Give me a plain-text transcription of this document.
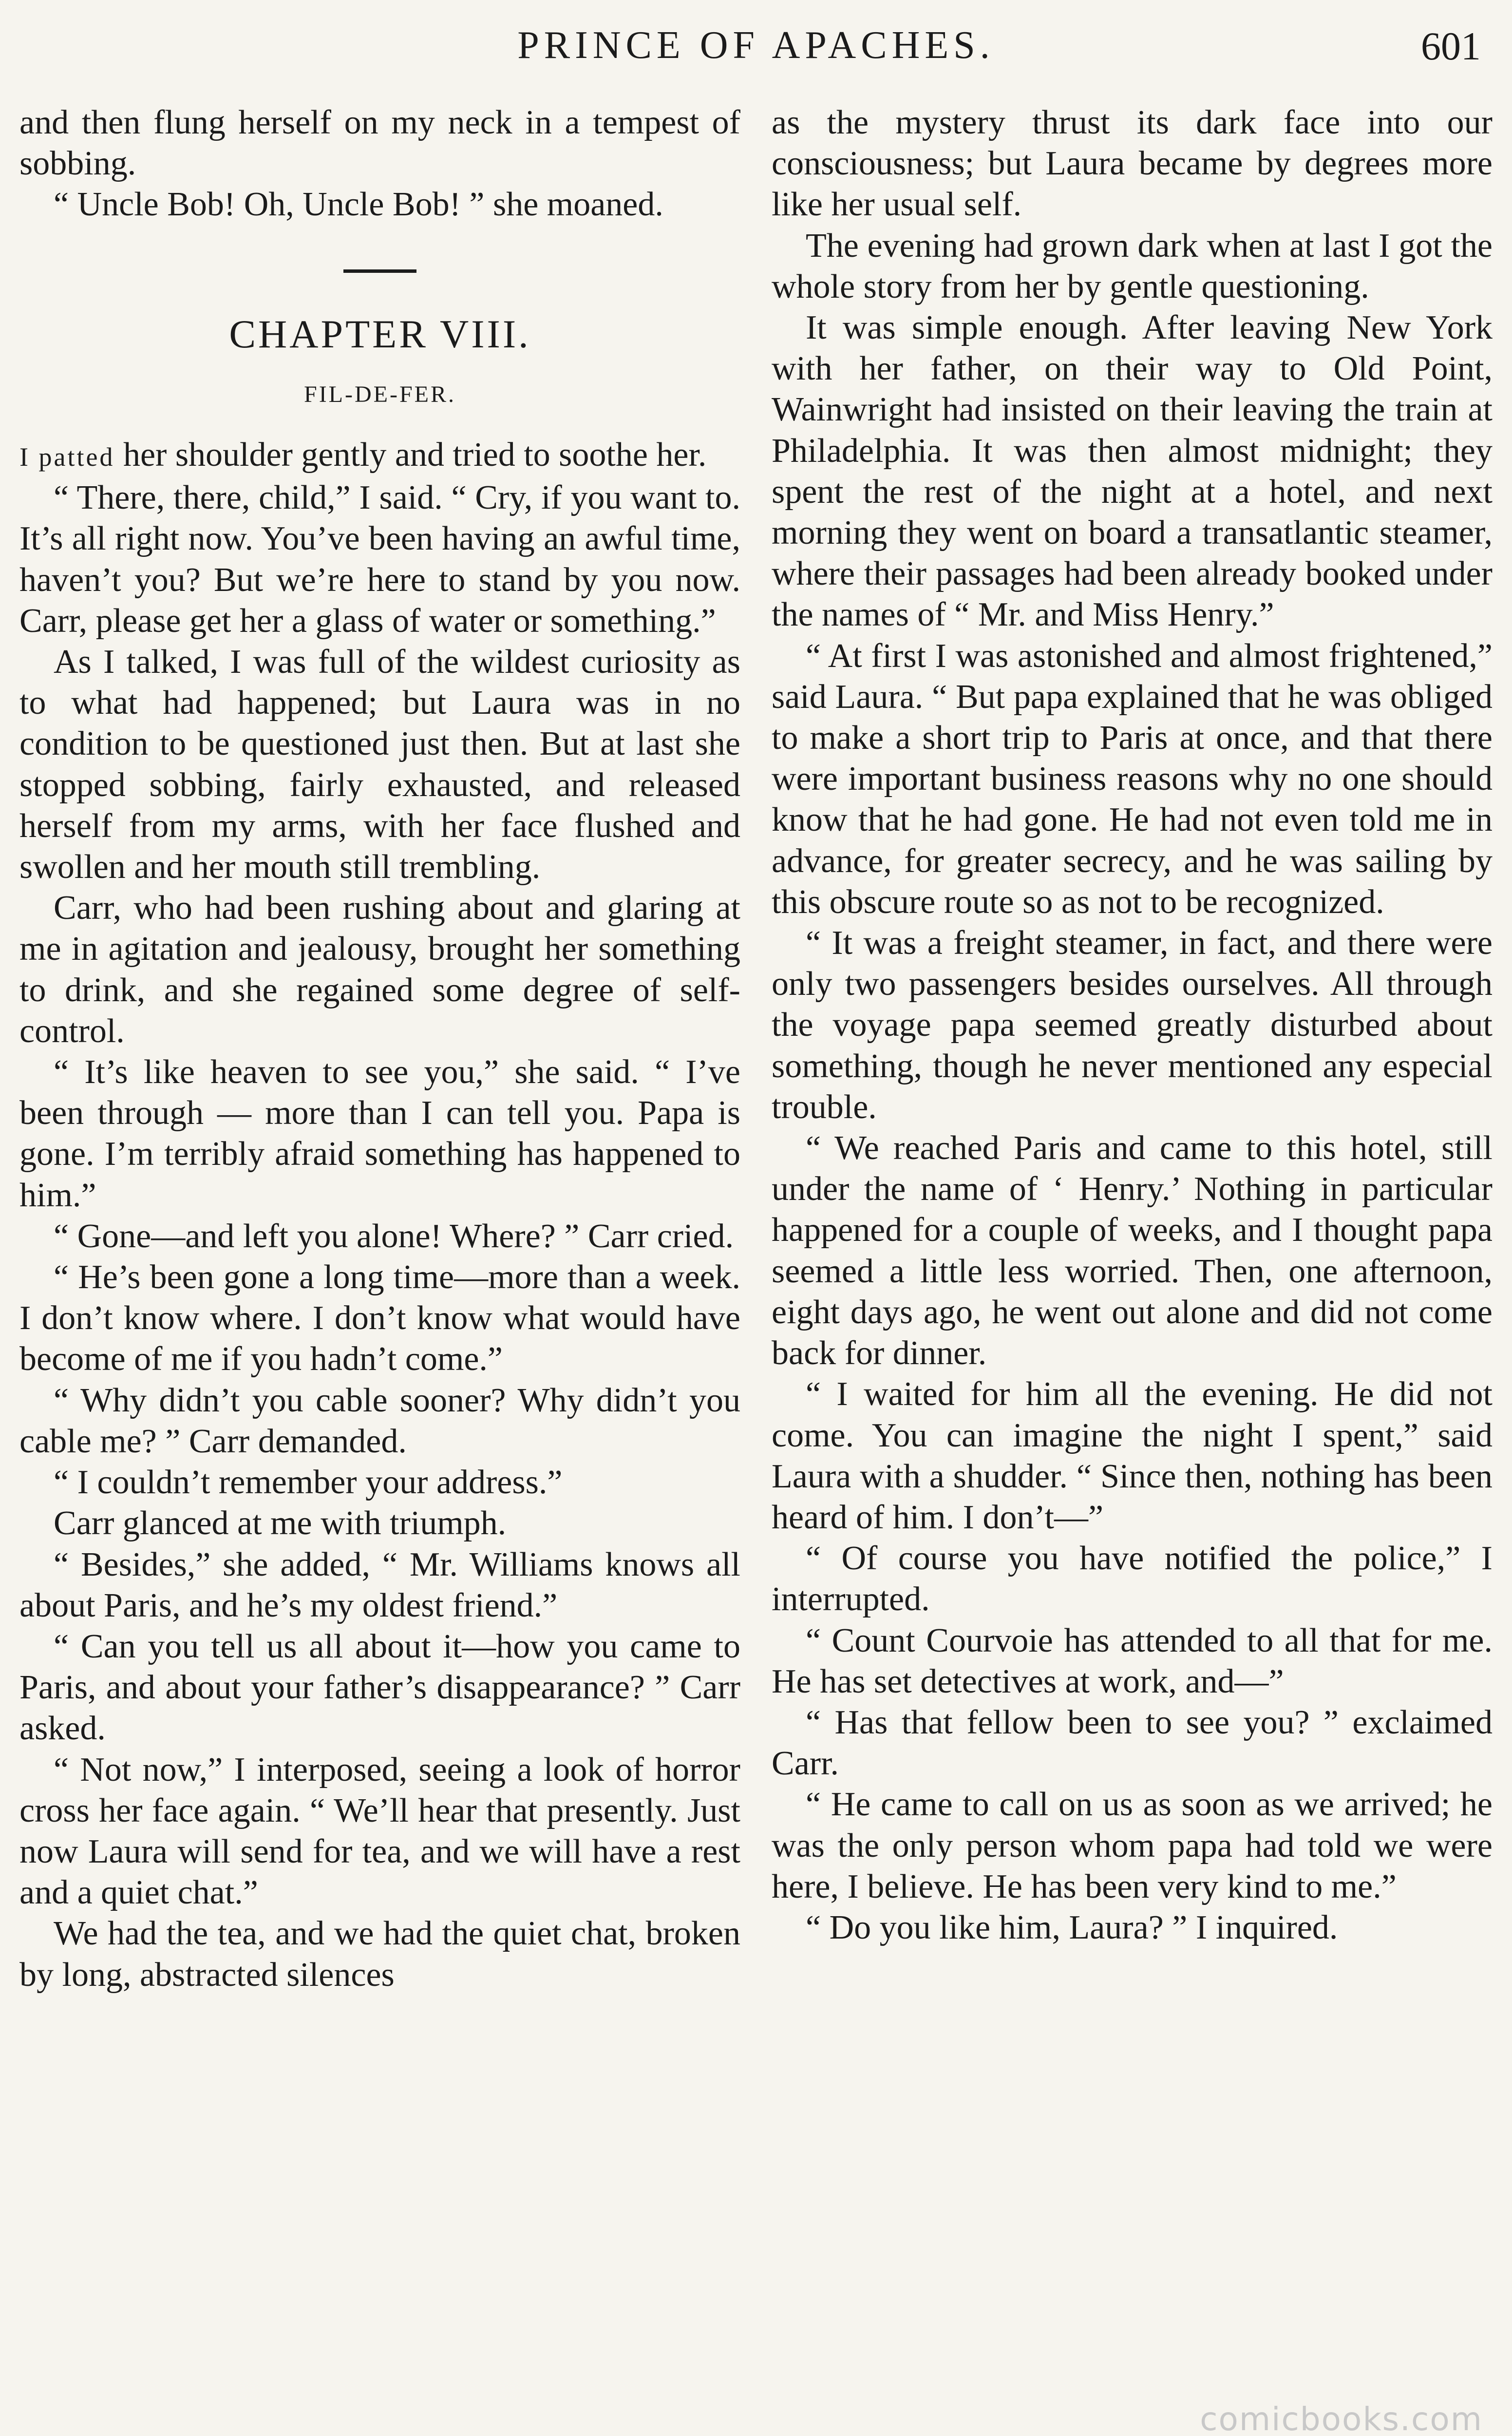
PRINCE OF APACHES.	601

and then flung herself on my neck in a tempest of sobbing.

“ Uncle Bob! Oh, Uncle Bob! ” she moaned.

CHAPTER VIII.
FIL-DE-FER.

I patted her shoulder gently and tried to soothe her.

“ There, there, child,” I said. “ Cry, if you want to. It’s all right now. You’ve been having an awful time, haven’t you? But we’re here to stand by you now. Carr, please get her a glass of water or something.”

As I talked, I was full of the wildest curiosity as to what had happened; but Laura was in no condition to be questioned just then. But at last she stopped sobbing, fairly exhausted, and released herself from my arms, with her face flushed and swollen and her mouth still trembling.

Carr, who had been rushing about and glaring at me in agitation and jealousy, brought her something to drink, and she regained some degree of self-control.

“ It’s like heaven to see you,” she said. “ I’ve been through — more than I can tell you. Papa is gone. I’m terribly afraid something has happened to him.”

“ Gone—and left you alone! Where? ” Carr cried.

“ He’s been gone a long time—more than a week. I don’t know where. I don’t know what would have become of me if you hadn’t come.”

“ Why didn’t you cable sooner? Why didn’t you cable me? ” Carr demanded.

“ I couldn’t remember your address.”

Carr glanced at me with triumph.

“ Besides,” she added, “ Mr. Williams knows all about Paris, and he’s my oldest friend.”

“ Can you tell us all about it—how you came to Paris, and about your father’s disappearance? ” Carr asked.

“ Not now,” I interposed, seeing a look of horror cross her face again. “ We’ll hear that presently. Just now Laura will send for tea, and we will have a rest and a quiet chat.”

We had the tea, and we had the quiet chat, broken by long, abstracted silences

as the mystery thrust its dark face into our consciousness; but Laura became by degrees more like her usual self.

The evening had grown dark when at last I got the whole story from her by gentle questioning.

It was simple enough. After leaving New York with her father, on their way to Old Point, Wainwright had insisted on their leaving the train at Philadelphia. It was then almost midnight; they spent the rest of the night at a hotel, and next morning they went on board a transatlantic steamer, where their passages had been already booked under the names of “ Mr. and Miss Henry.”

“ At first I was astonished and almost frightened,” said Laura. “ But papa explained that he was obliged to make a short trip to Paris at once, and that there were important business reasons why no one should know that he had gone. He had not even told me in advance, for greater secrecy, and he was sailing by this obscure route so as not to be recognized.

“ It was a freight steamer, in fact, and there were only two passengers besides ourselves. All through the voyage papa seemed greatly disturbed about something, though he never mentioned any especial trouble.

“ We reached Paris and came to this hotel, still under the name of ‘ Henry.’ Nothing in particular happened for a couple of weeks, and I thought papa seemed a little less worried. Then, one afternoon, eight days ago, he went out alone and did not come back for dinner.

“ I waited for him all the evening. He did not come. You can imagine the night I spent,” said Laura with a shudder. “ Since then, nothing has been heard of him. I don’t—”

“ Of course you have notified the police,” I interrupted.

“ Count Courvoie has attended to all that for me. He has set detectives at work, and—”

“ Has that fellow been to see you? ” exclaimed Carr.

“ He came to call on us as soon as we arrived; he was the only person whom papa had told we were here, I believe. He has been very kind to me.”

“ Do you like him, Laura? ” I inquired.

comicbooks.com
